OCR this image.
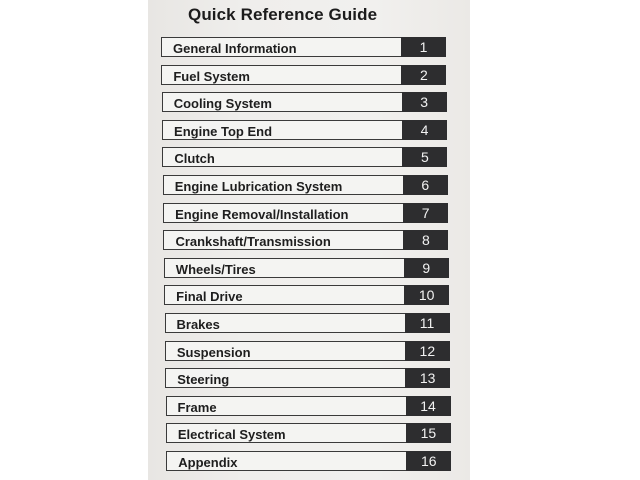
Quick Reference Guide
General Information	1
Fuel System	2
Cooling System	3
Engine Top End	4
Clutch	5
Engine Lubrication System	6
Engine Removal/Installation	7
Crankshaft/Transmission	8
Wheels/Tires	9
Final Drive	10
Brakes	11
Suspension	12
Steering	13
Frame	14
Electrical System	15
Appendix	16
